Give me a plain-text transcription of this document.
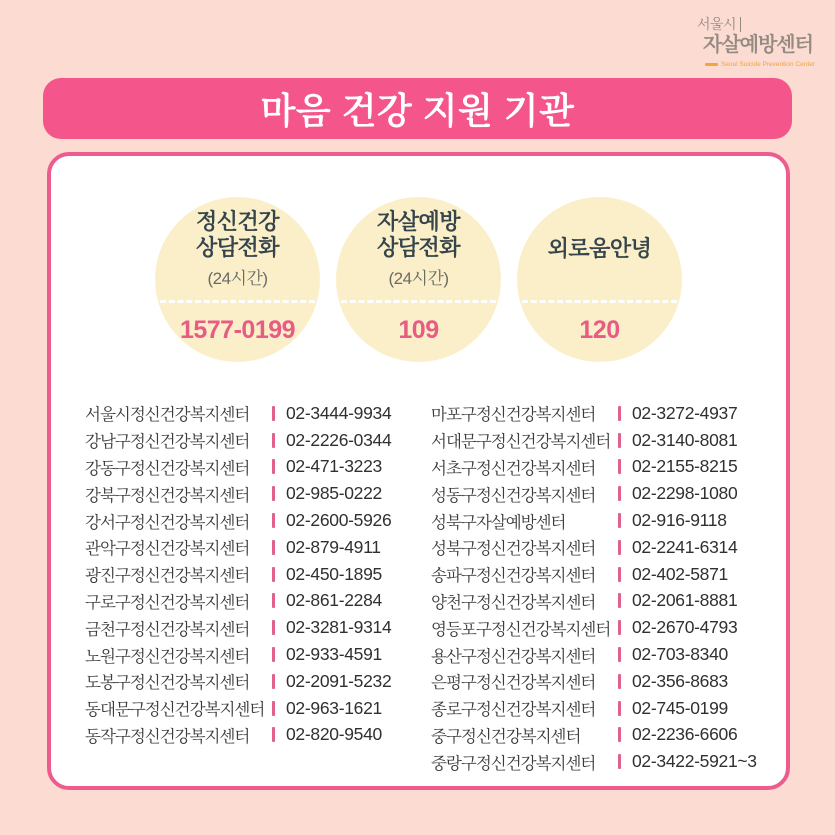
서울시
자살예방센터
Seoul Suicide Prevention Center
마음 건강 지원 기관
정신건강
상담전화
(24시간)
1577-0199
자살예방
상담전화
(24시간)
109
외로움안녕
120
서울시정신건강복지센터	02-3444-9934
강남구정신건강복지센터	02-2226-0344
강동구정신건강복지센터	02-471-3223
강북구정신건강복지센터	02-985-0222
강서구정신건강복지센터	02-2600-5926
관악구정신건강복지센터	02-879-4911
광진구정신건강복지센터	02-450-1895
구로구정신건강복지센터	02-861-2284
금천구정신건강복지센터	02-3281-9314
노원구정신건강복지센터	02-933-4591
도봉구정신건강복지센터	02-2091-5232
동대문구정신건강복지센터	02-963-1621
동작구정신건강복지센터	02-820-9540
마포구정신건강복지센터	02-3272-4937
서대문구정신건강복지센터	02-3140-8081
서초구정신건강복지센터	02-2155-8215
성동구정신건강복지센터	02-2298-1080
성북구자살예방센터	02-916-9118
성북구정신건강복지센터	02-2241-6314
송파구정신건강복지센터	02-402-5871
양천구정신건강복지센터	02-2061-8881
영등포구정신건강복지센터	02-2670-4793
용산구정신건강복지센터	02-703-8340
은평구정신건강복지센터	02-356-8683
종로구정신건강복지센터	02-745-0199
중구정신건강복지센터	02-2236-6606
중랑구정신건강복지센터	02-3422-5921~3
